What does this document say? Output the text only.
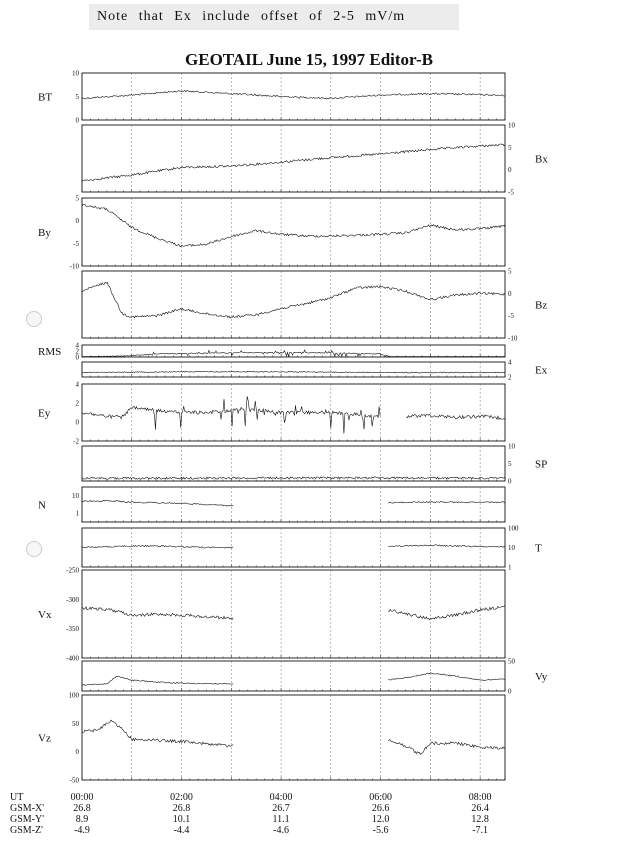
Note that Ex include offset of 2-5 mV/m
GEOTAIL June 15, 1997 Editor-B
0
5
10
BT
-5
0
5
10
Bx
-10
-5
0
5
By
-10
-5
0
5
Bz
0
2
4
RMS
2
4
Ex
-2
0
2
4
Ey
0
5
10
SP
1
10
N
1
10
100
T
-400
-350
-300
-250
Vx
0
50
Vy
-50
0
50
100
Vz
UT	00:00	02:00	04:00	06:00	08:00
GSM-X'	26.8	26.8	26.7	26.6	26.4
GSM-Y'	8.9	10.1	11.1	12.0	12.8
GSM-Z'	-4.9	-4.4	-4.6	-5.6	-7.1
